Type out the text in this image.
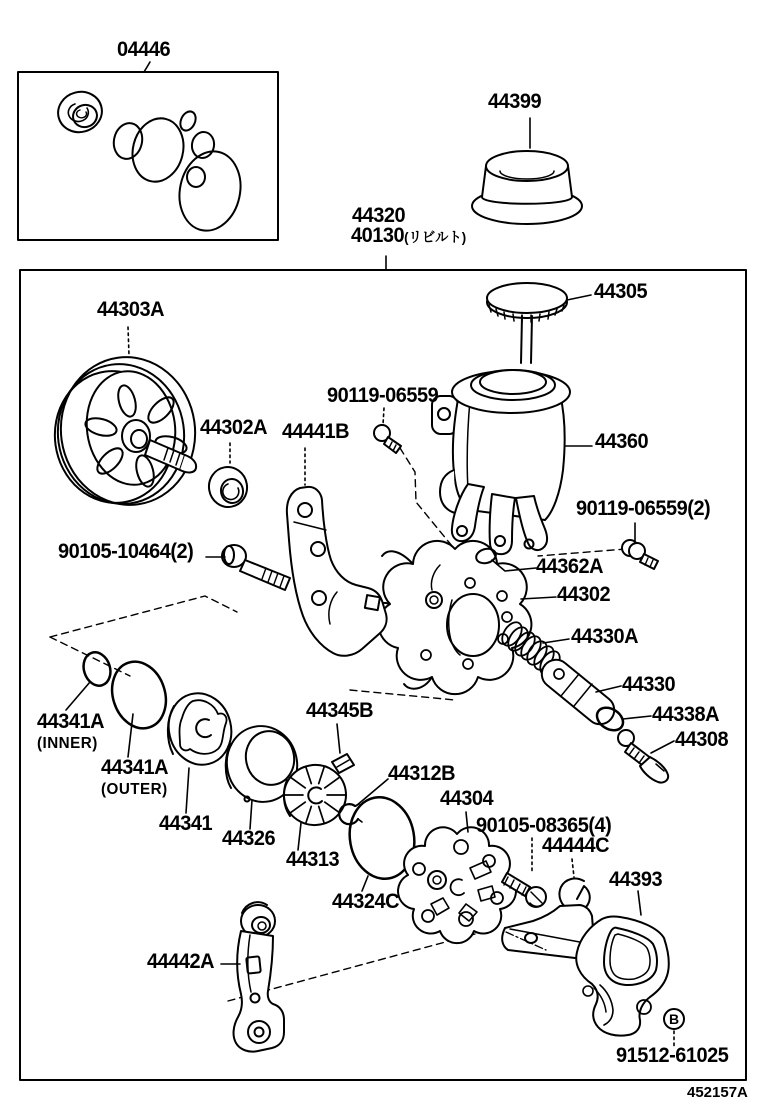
04446
44399
44320
40130(リビルト)
44305
44303A
90119-06559
44302A 44441B	44360
90119-06559(2)
90105-10464(2)
44362A
44302
44330A
44330
44338A
44308
44341A
(INNER)
44341A
(OUTER)
44341
44326
44313
44345B
44312B
44304
90105-08365(4)
44444C
44393
44324C
44442A
91512-61025
B
452157A
